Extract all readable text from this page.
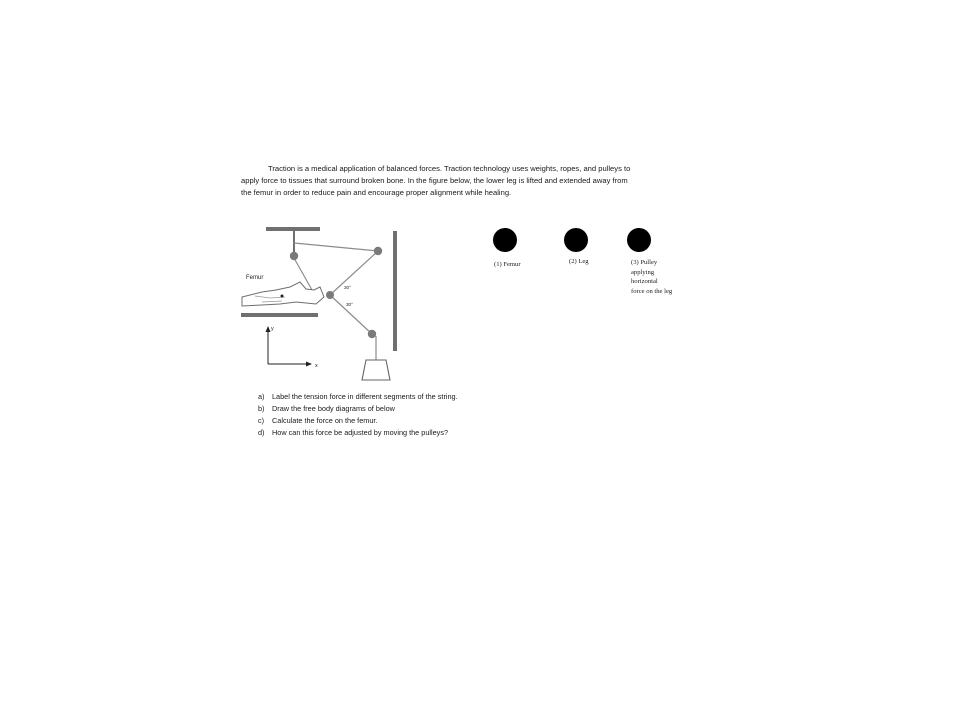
Traction is a medical application of balanced forces. Traction technology uses weights, ropes, and pulleys to
apply force to tissues that surround broken bone. In the figure below, the lower leg is lifted and extended away from
the femur in order to reduce pain and encourage proper alignment while healing.

Femur
30°
30°
y
x
(1) Femur	(2) Leg	(3) Pulley
applying
horizontal
force on the leg
a)	Label the tension force in different segments of the string.
b)	Draw the free body diagrams of below
c)	Calculate the force on the femur.
d)	How can this force be adjusted by moving the pulleys?
